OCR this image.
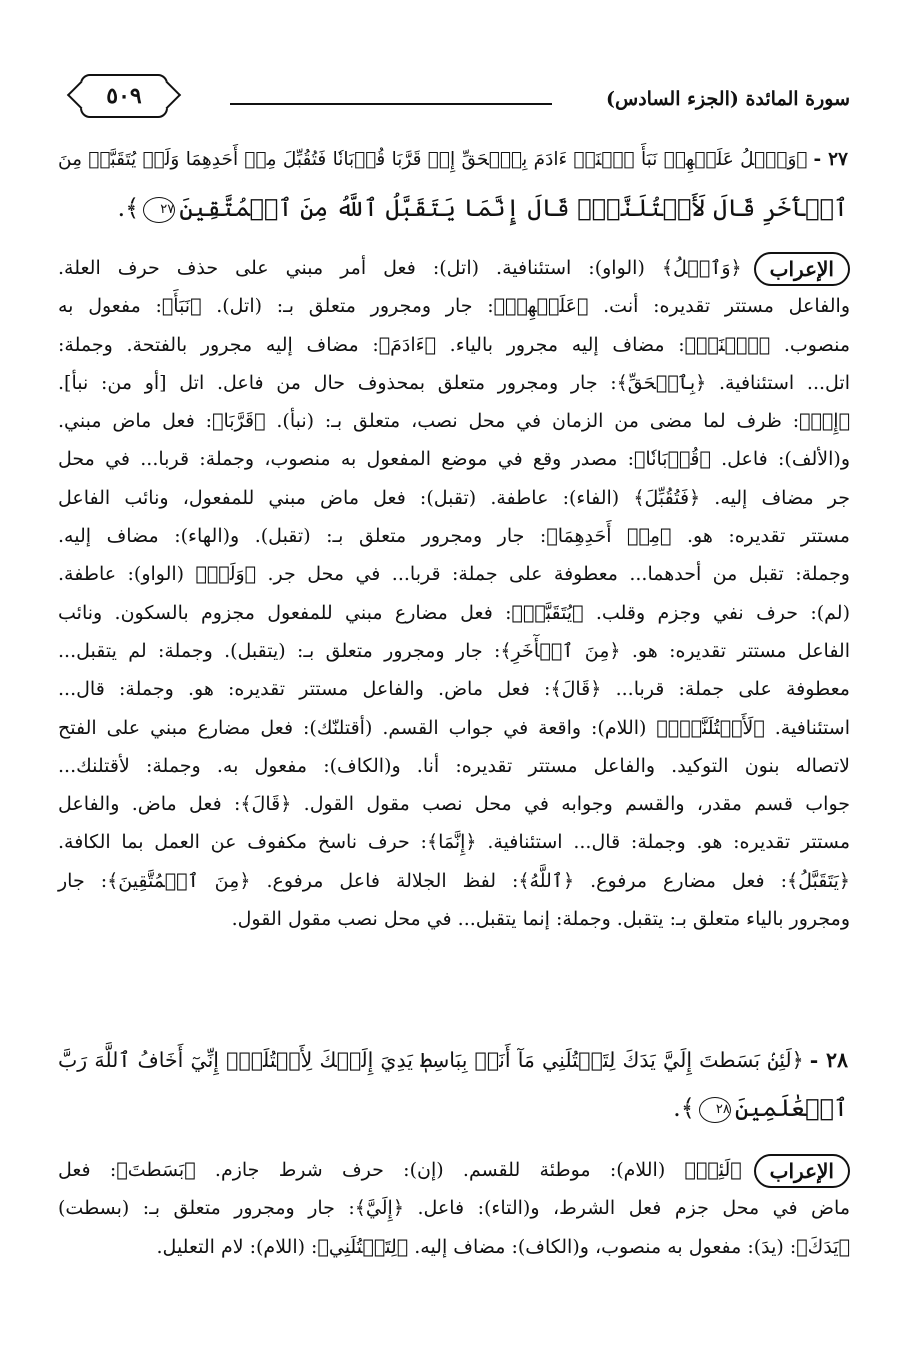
سورة المائدة (الجزء السادس)
٥٠٩
٢٧ -﴿وَٱتۡلُ عَلَيۡهِمۡ نَبَأَ ٱبۡنَيۡ ءَادَمَ بِٱلۡحَقِّ إِذۡ قَرَّبَا قُرۡبَانٗا فَتُقُبِّلَ مِنۡ أَحَدِهِمَا وَلَمۡ يُتَقَبَّلۡ مِنَ
ٱلۡأٓخَرِ قَالَ لَأَقۡتُلَنَّكَۖ قَالَ إِنَّمَا يَتَقَبَّلُ ٱللَّهُ مِنَ ٱلۡمُتَّقِينَ٢٧﴾.
الإعراب﴿وَٱتۡلُ﴾ (الواو): استئنافية. (اتل): فعل أمر مبني على حذف حرف العلة.
والفاعل مستتر تقديره: أنت. ﴿عَلَيۡهِمۡ﴾: جار ومجرور متعلق بـ: (اتل). ﴿نَبَأَ﴾: مفعول به
منصوب. ﴿ٱبۡنَيۡ﴾: مضاف إليه مجرور بالياء. ﴿ءَادَمَ﴾: مضاف إليه مجرور بالفتحة. وجملة:
اتل... استئنافية. ﴿بِٱلۡحَقِّ﴾: جار ومجرور متعلق بمحذوف حال من فاعل. اتل [أو من: نبأ].
﴿إِذۡ﴾: ظرف لما مضى من الزمان في محل نصب، متعلق بـ: (نبأ). ﴿قَرَّبَا﴾: فعل ماض مبني.
و(الألف): فاعل. ﴿قُرۡبَانٗا﴾: مصدر وقع في موضع المفعول به منصوب، وجملة: قربا... في محل
جر مضاف إليه. ﴿فَتُقُبِّلَ﴾ (الفاء): عاطفة. (تقبل): فعل ماض مبني للمفعول، ونائب الفاعل
مستتر تقديره: هو. ﴿مِنۡ أَحَدِهِمَا﴾: جار ومجرور متعلق بـ: (تقبل). و(الهاء): مضاف إليه.
وجملة: تقبل من أحدهما... معطوفة على جملة: قربا... في محل جر. ﴿وَلَمۡ﴾ (الواو): عاطفة.
(لم): حرف نفي وجزم وقلب. ﴿يُتَقَبَّلۡ﴾: فعل مضارع مبني للمفعول مجزوم بالسكون. ونائب
الفاعل مستتر تقديره: هو. ﴿مِنَ ٱلۡأٓخَرِ﴾: جار ومجرور متعلق بـ: (يتقبل). وجملة: لم يتقبل...
معطوفة على جملة: قربا... ﴿قَالَ﴾: فعل ماض. والفاعل مستتر تقديره: هو. وجملة: قال...
استئنافية. ﴿لَأَقۡتُلَنَّكَۖ﴾ (اللام): واقعة في جواب القسم. (أقتلنّك): فعل مضارع مبني على الفتح
لاتصاله بنون التوكيد. والفاعل مستتر تقديره: أنا. و(الكاف): مفعول به. وجملة: لأقتلنك...
جواب قسم مقدر، والقسم وجوابه في محل نصب مقول القول. ﴿قَالَ﴾: فعل ماض. والفاعل
مستتر تقديره: هو. وجملة: قال... استئنافية. ﴿إِنَّمَا﴾: حرف ناسخ مكفوف عن العمل بما الكافة.
﴿يَتَقَبَّلُ﴾: فعل مضارع مرفوع. ﴿ٱللَّهُ﴾: لفظ الجلالة فاعل مرفوع. ﴿مِنَ ٱلۡمُتَّقِينَ﴾: جار
ومجرور بالياء متعلق بـ: يتقبل. وجملة: إنما يتقبل... في محل نصب مقول القول.
٢٨ -﴿لَئِنۢ بَسَطتَ إِلَيَّ يَدَكَ لِتَقۡتُلَنِي مَآ أَنَا۠ بِبَاسِطٖ يَدِيَ إِلَيۡكَ لِأَقۡتُلَكَۖ إِنِّيٓ أَخَافُ ٱللَّهَ رَبَّ
ٱلۡعَٰلَمِينَ٢٨﴾.
الإعراب﴿لَئِنۢ﴾ (اللام): موطئة للقسم. (إن): حرف شرط جازم. ﴿بَسَطتَ﴾: فعل
ماض في محل جزم فعل الشرط، و(التاء): فاعل. ﴿إِلَيَّ﴾: جار ومجرور متعلق بـ: (بسطت)
﴿يَدَكَ﴾: (يدَ): مفعول به منصوب، و(الكاف): مضاف إليه. ﴿لِتَقۡتُلَنِي﴾: (اللام): لام التعليل.
